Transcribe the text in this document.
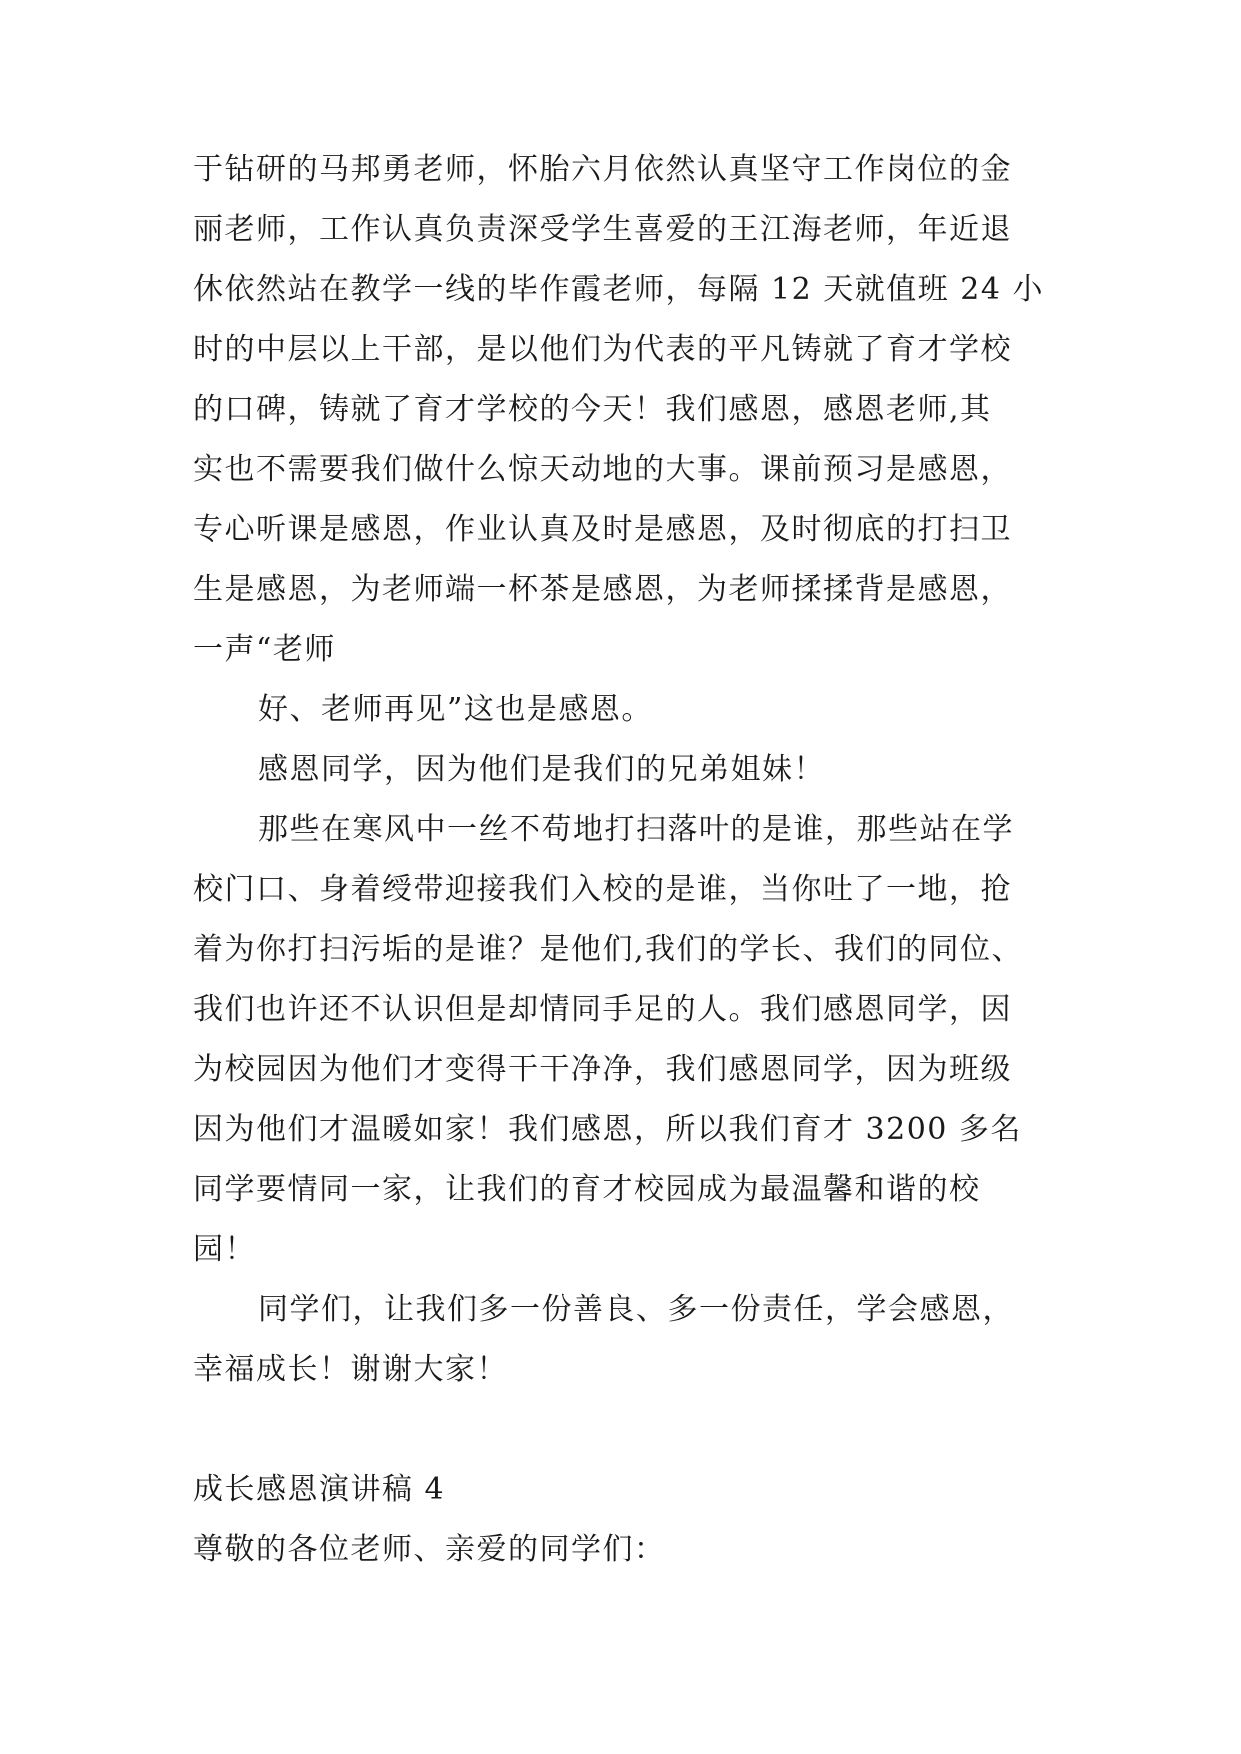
于钻研的马邦勇老师，怀胎六月依然认真坚守工作岗位的金
丽老师，工作认真负责深受学生喜爱的王江海老师，年近退
休依然站在教学一线的毕作霞老师，每隔 12 天就值班 24 小
时的中层以上干部，是以他们为代表的平凡铸就了育才学校
的口碑，铸就了育才学校的今天！我们感恩，感恩老师,其
实也不需要我们做什么惊天动地的大事。课前预习是感恩，
专心听课是感恩，作业认真及时是感恩，及时彻底的打扫卫
生是感恩，为老师端一杯茶是感恩，为老师揉揉背是感恩，
一声“老师
好、老师再见”这也是感恩。
感恩同学，因为他们是我们的兄弟姐妹！
那些在寒风中一丝不苟地打扫落叶的是谁，那些站在学
校门口、身着绶带迎接我们入校的是谁，当你吐了一地，抢
着为你打扫污垢的是谁？是他们,我们的学长、我们的同位、
我们也许还不认识但是却情同手足的人。我们感恩同学，因
为校园因为他们才变得干干净净，我们感恩同学，因为班级
因为他们才温暖如家！我们感恩，所以我们育才 3200 多名
同学要情同一家，让我们的育才校园成为最温馨和谐的校
园！
同学们，让我们多一份善良、多一份责任，学会感恩，
幸福成长！谢谢大家！
成长感恩演讲稿 4
尊敬的各位老师、亲爱的同学们：
